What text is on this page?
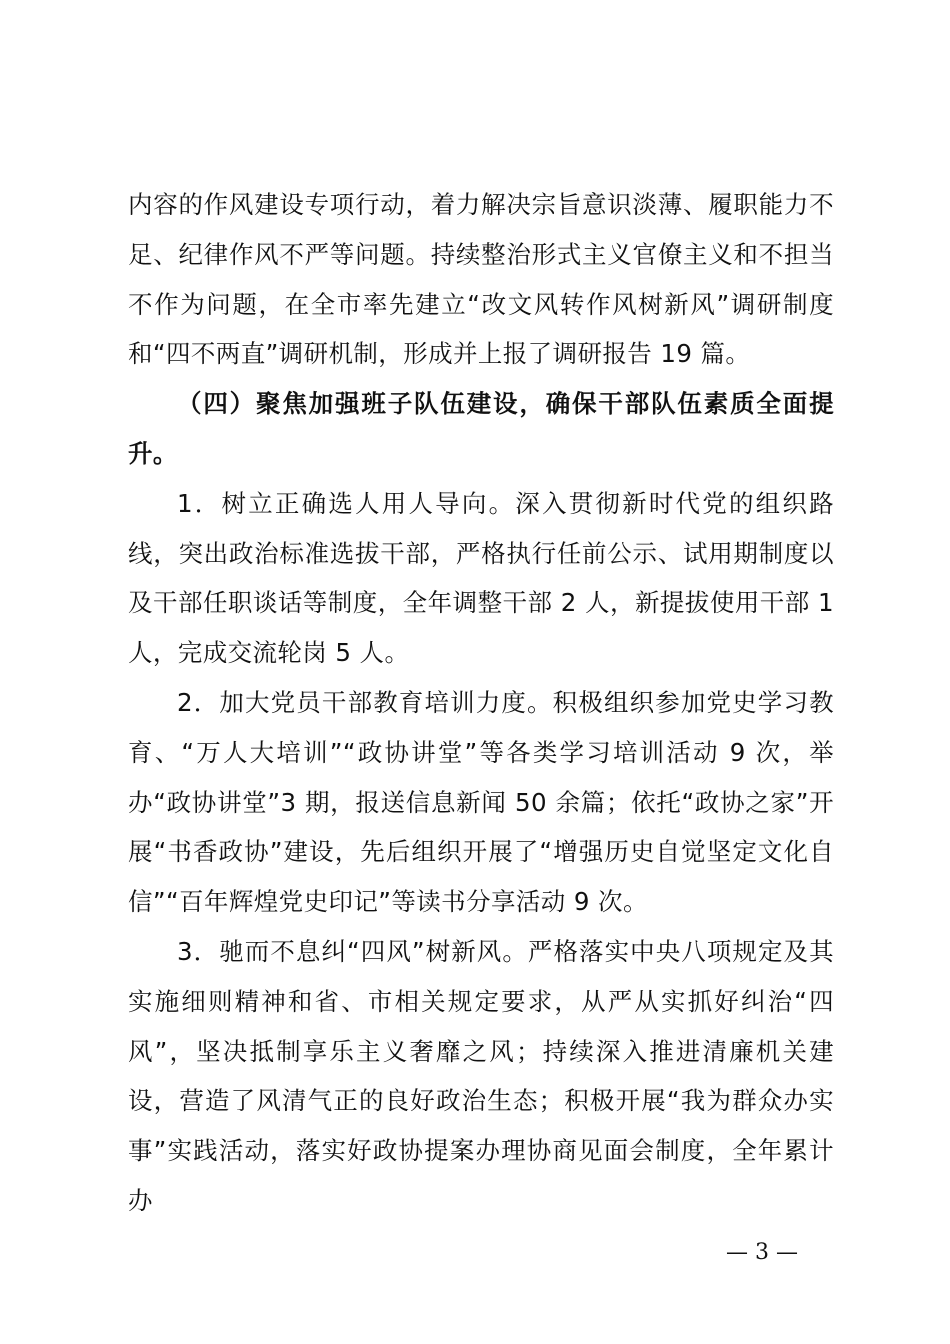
内容的作风建设专项行动，着力解决宗旨意识淡薄、履职能力不足、纪律作风不严等问题。持续整治形式主义官僚主义和不担当不作为问题，在全市率先建立“改文风转作风树新风”调研制度和“四不两直”调研机制，形成并上报了调研报告 19 篇。

（四）聚焦加强班子队伍建设，确保干部队伍素质全面提升。

1．树立正确选人用人导向。深入贯彻新时代党的组织路线，突出政治标准选拔干部，严格执行任前公示、试用期制度以及干部任职谈话等制度，全年调整干部 2 人，新提拔使用干部 1 人，完成交流轮岗 5 人。

2．加大党员干部教育培训力度。积极组织参加党史学习教育、“万人大培训”“政协讲堂”等各类学习培训活动 9 次，举办“政协讲堂”3 期，报送信息新闻 50 余篇；依托“政协之家”开展“书香政协”建设，先后组织开展了“增强历史自觉坚定文化自信”“百年辉煌党史印记”等读书分享活动 9 次。

3．驰而不息纠“四风”树新风。严格落实中央八项规定及其实施细则精神和省、市相关规定要求，从严从实抓好纠治“四风”，坚决抵制享乐主义奢靡之风；持续深入推进清廉机关建设，营造了风清气正的良好政治生态；积极开展“我为群众办实事”实践活动，落实好政协提案办理协商见面会制度，全年累计办

— 3 —
